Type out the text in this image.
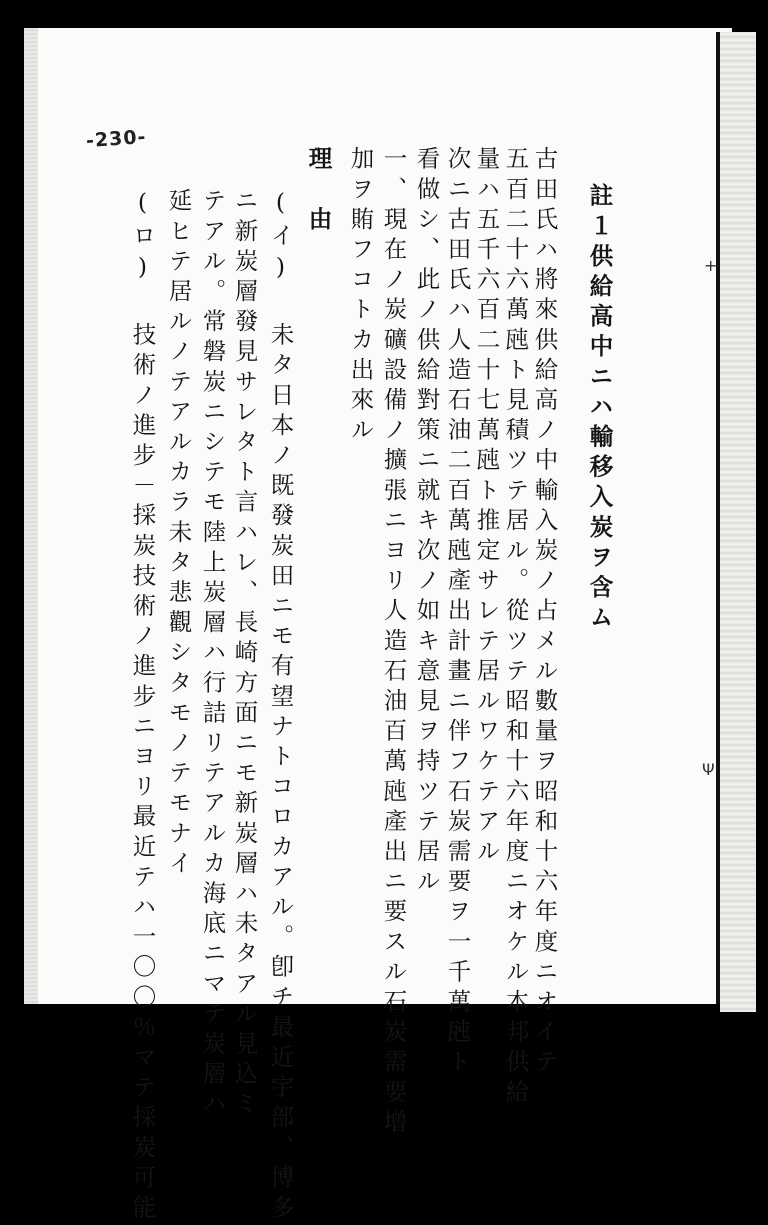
-230-
+
Ψ
註１供給高中ニハ輸移入炭ヲ含ム
古田氏ハ將來供給高ノ中輸入炭ノ占メル數量ヲ昭和十六年度ニオイテ
五百二十六萬瓲ト見積ツテ居ル。從ツテ昭和十六年度ニオケル本邦供給
量ハ五千六百二十七萬瓲ト推定サレテ居ルワケテアル
次ニ古田氏ハ人造石油二百萬瓲產出計畫ニ伴フ石炭需要ヲ一千萬瓲ト
看做シ、此ノ供給對策ニ就キ次ノ如キ意見ヲ持ツテ居ル
一、現在ノ炭礦設備ノ擴張ニヨリ人造石油百萬瓲產出ニ要スル石炭需要增
加ヲ賄フコトカ出來ル
理　由
(イ) 未タ日本ノ既發炭田ニモ有望ナトコロカアル。卽チ最近宇部、博多
ニ新炭層發見サレタト言ハレ、長崎方面ニモ新炭層ハ未タアル見込ミ
テアル。常磐炭ニシテモ陸上炭層ハ行詰リテアルカ海底ニマテ炭層ハ
延ヒテ居ルノテアルカラ未タ悲觀シタモノテモナイ
(ロ) 技術ノ進步－採炭技術ノ進步ニヨリ最近テハ一〇〇％マテ採炭可能
